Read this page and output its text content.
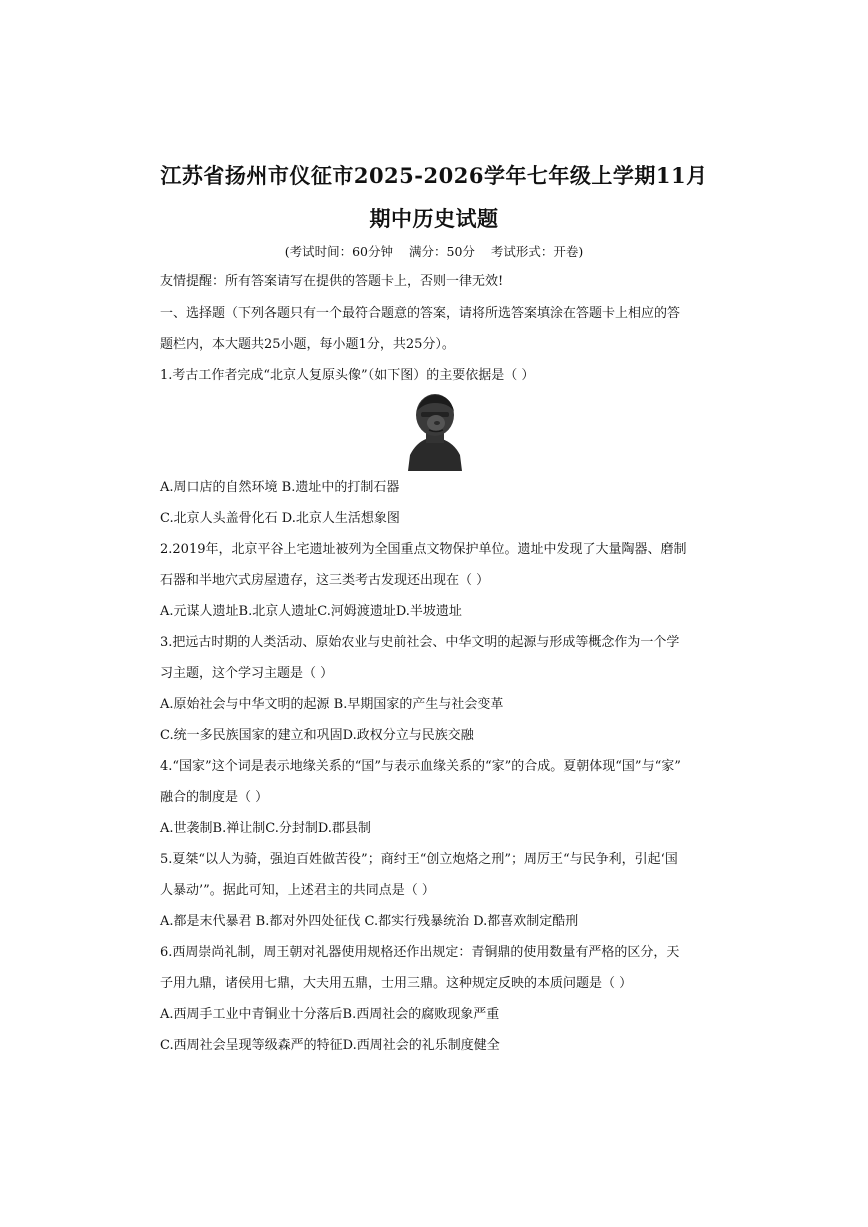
江苏省扬州市仪征市2025-2026学年七年级上学期11月
期中历史试题
(考试时间：60分钟 满分：50分 考试形式：开卷)
友情提醒：所有答案请写在提供的答题卡上，否则一律无效!
一、选择题（下列各题只有一个最符合题意的答案，请将所选答案填涂在答题卡上相应的答
题栏内，本大题共25小题，每小题1分，共25分）。
1.考古工作者完成“北京人复原头像”（如下图）的主要依据是（ ）
A.周口店的自然环境 B.遗址中的打制石器
C.北京人头盖骨化石 D.北京人生活想象图
2.2019年，北京平谷上宅遗址被列为全国重点文物保护单位。遗址中发现了大量陶器、磨制
石器和半地穴式房屋遗存，这三类考古发现还出现在（ ）
A.元谋人遗址B.北京人遗址C.河姆渡遗址D.半坡遗址
3.把远古时期的人类活动、原始农业与史前社会、中华文明的起源与形成等概念作为一个学
习主题，这个学习主题是（ ）
A.原始社会与中华文明的起源 B.早期国家的产生与社会变革
C.统一多民族国家的建立和巩固D.政权分立与民族交融
4.“国家”这个词是表示地缘关系的“国”与表示血缘关系的“家”的合成。夏朝体现“国”与“家”
融合的制度是（ ）
A.世袭制B.禅让制C.分封制D.郡县制
5.夏桀“以人为骑，强迫百姓做苦役”；商纣王“创立炮烙之刑”；周厉王“与民争利，引起‘国
人暴动’”。据此可知，上述君主的共同点是（ ）
A.都是末代暴君 B.都对外四处征伐 C.都实行残暴统治 D.都喜欢制定酷刑
6.西周崇尚礼制，周王朝对礼器使用规格还作出规定：青铜鼎的使用数量有严格的区分，天
子用九鼎，诸侯用七鼎，大夫用五鼎，士用三鼎。这种规定反映的本质问题是（ ）
A.西周手工业中青铜业十分落后B.西周社会的腐败现象严重
C.西周社会呈现等级森严的特征D.西周社会的礼乐制度健全
